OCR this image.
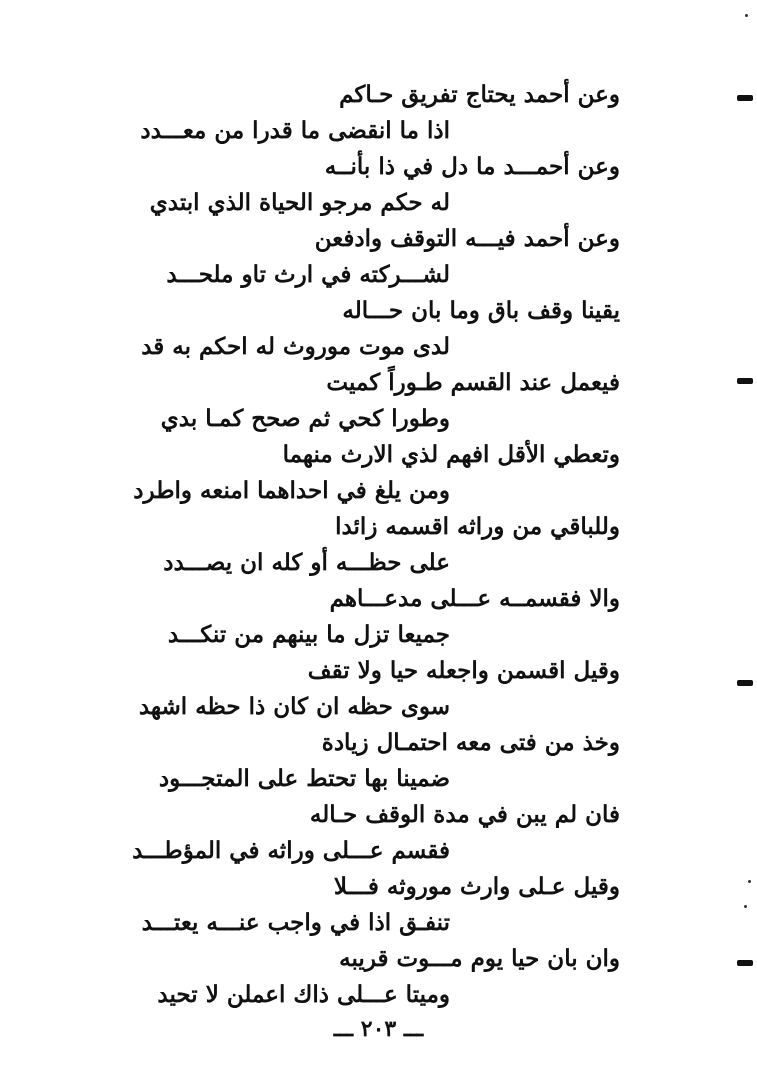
وعن أحمد يحتاج تفريق حـاكم
اذا ما انقضى ما قدرا من معـــدد
وعن أحمـــد ما دل في ذا بأنــه
له حكم مرجو الحياة الذي ابتدي
وعن أحمد فيـــه التوقف وادفعن
لشـــركته في ارث تاو ملحـــد
يقينا وقف باق وما بان حـــاله
لدى موت موروث له احكم به قد
فيعمل عند القسم طـوراً كميت
وطورا كحي ثم صحح كمـا بدي
وتعطي الأقل افهم لذي الارث منهما
ومن يلغ في احداهما امنعه واطرد
وللباقي من وراثه اقسمه زائدا
على حظـــه أو كله ان يصـــدد
والا فقسمــه عـــلى مدعـــاهم
جميعا تزل ما بينهم من تنكـــد
وقيل اقسمن واجعله حيا ولا تقف
سوى حظه ان كان ذا حظه اشهد
وخذ من فتى معه احتمـال زيادة
ضمينا بها تحتط على المتجـــود
فان لم يبن في مدة الوقف حـاله
فقسم عـــلى وراثه في المؤطـــد
وقيل عـلى وارث موروثه فـــلا
تنفـق اذا في واجب عنـــه يعتـــد
وان بان حيا يوم مـــوت قريبه
وميتا عـــلى ذاك اعملن لا تحيد
ـــ ٢٠٣ ـــ
